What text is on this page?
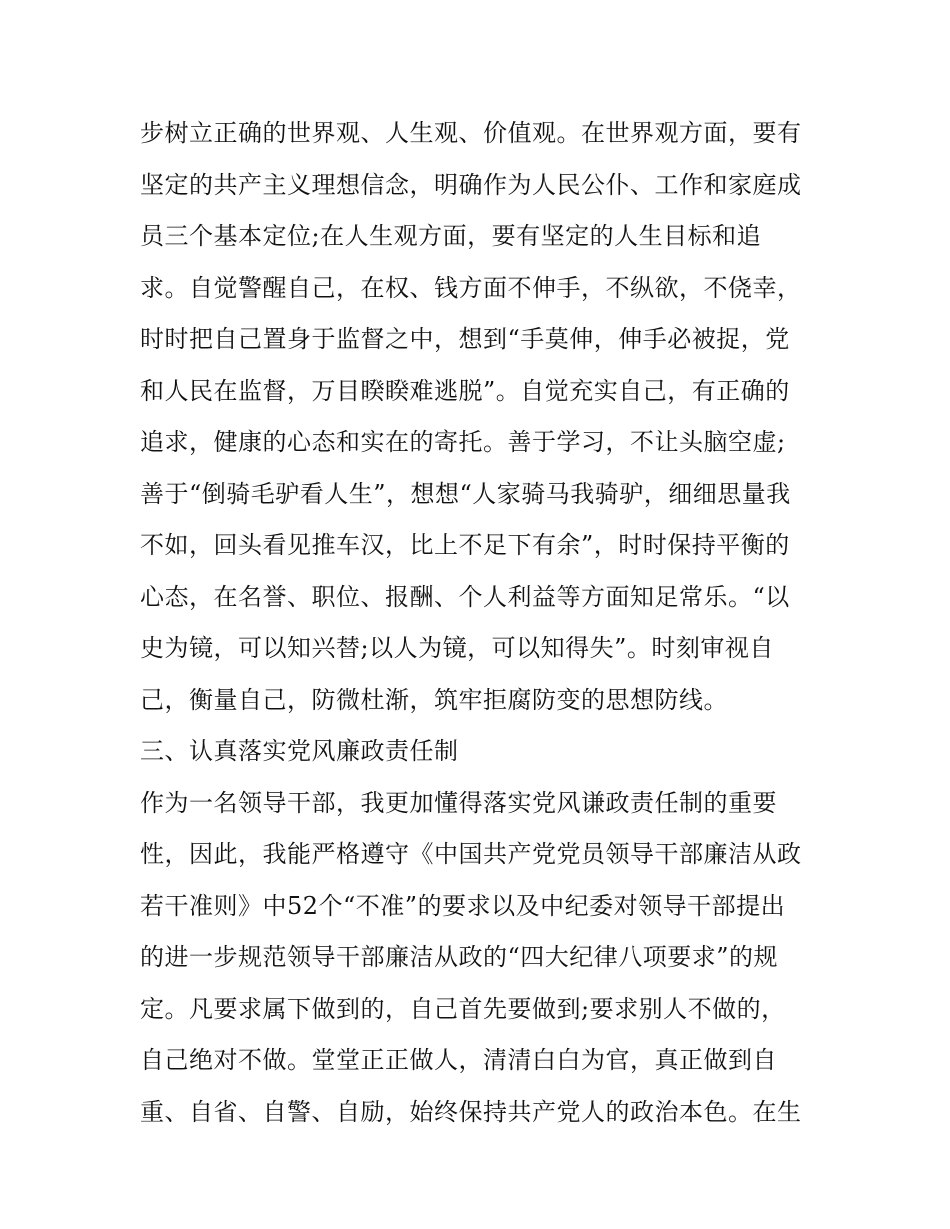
步树立正确的世界观、人生观、价值观。在世界观方面，要有
坚定的共产主义理想信念，明确作为人民公仆、工作和家庭成
员三个基本定位;在人生观方面，要有坚定的人生目标和追
求。自觉警醒自己，在权、钱方面不伸手，不纵欲，不侥幸，
时时把自己置身于监督之中，想到“手莫伸，伸手必被捉，党
和人民在监督，万目睽睽难逃脱”。自觉充实自己，有正确的
追求，健康的心态和实在的寄托。善于学习，不让头脑空虚;
善于“倒骑毛驴看人生”，想想“人家骑马我骑驴，细细思量我
不如，回头看见推车汉，比上不足下有余”，时时保持平衡的
心态，在名誉、职位、报酬、个人利益等方面知足常乐。“以
史为镜，可以知兴替;以人为镜，可以知得失”。时刻审视自
己，衡量自己，防微杜渐，筑牢拒腐防变的思想防线。
三、认真落实党风廉政责任制
作为一名领导干部，我更加懂得落实党风谦政责任制的重要
性，因此，我能严格遵守《中国共产党党员领导干部廉洁从政
若干准则》中52个“不准”的要求以及中纪委对领导干部提出
的进一步规范领导干部廉洁从政的“四大纪律八项要求”的规
定。凡要求属下做到的，自己首先要做到;要求别人不做的，
自己绝对不做。堂堂正正做人，清清白白为官，真正做到自
重、自省、自警、自励，始终保持共产党人的政治本色。在生
